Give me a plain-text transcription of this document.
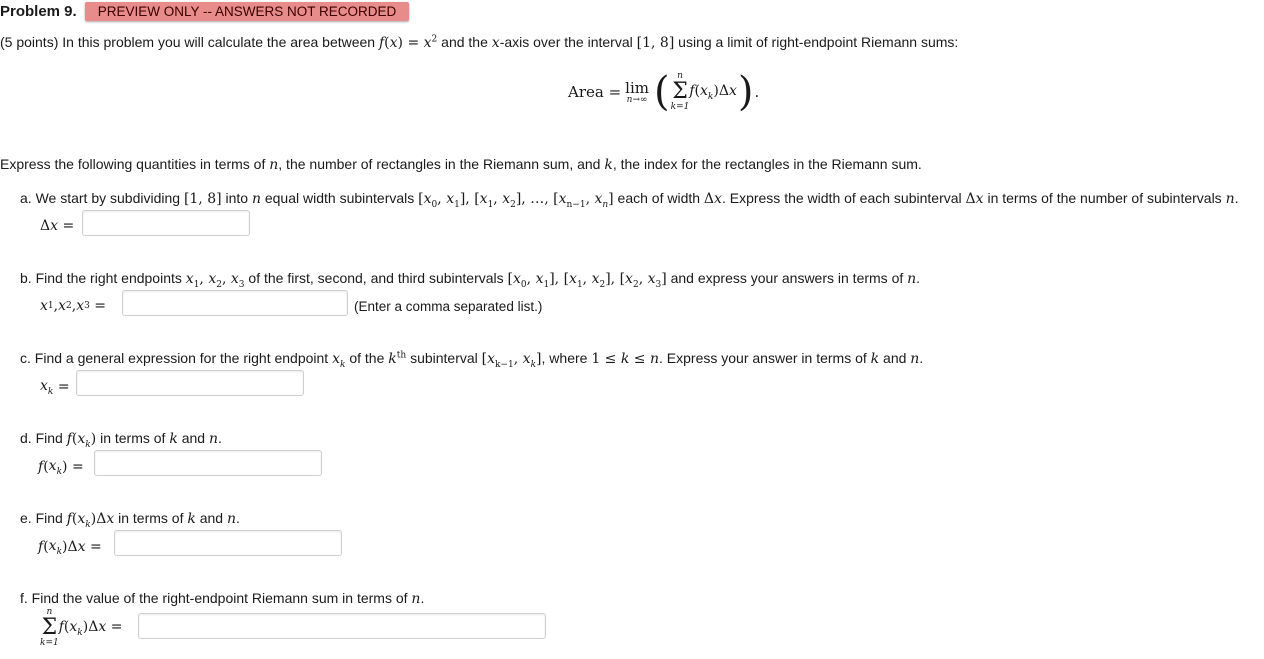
Problem 9.	PREVIEW ONLY -- ANSWERS NOT RECORDED
(5 points) In this problem you will calculate the area between $f(x) = x^2$ and the x-axis over the interval [1, 8] using a limit of right-endpoint Riemann sums:
Area = lim
n→∞ ( n
Σ
k=1
$f(x_k)\Delta x$ ) .
Express the following quantities in terms of n, the number of rectangles in the Riemann sum, and k, the index for the rectangles in the Riemann sum.
a. We start by subdividing [1, 8] into n equal width subintervals [$x_0$, $x_1$], [$x_1$, $x_2$], …, [$x_{n-1}$, $x_n$] each of width Δx. Express the width of each subinterval Δx in terms of the number of subintervals n.
Δ x =
b. Find the right endpoints $x_1$, $x_2$, $x_3$ of the first, second, and third subintervals [$x_0$, $x_1$], [$x_1$, $x_2$], [$x_2$, $x_3$] and express your answers in terms of n.
x 1 , x 2 , x 3 =	(Enter a comma separated list.)
c. Find a general expression for the right endpoint $x_k$ of the $k^{th}$ subinterval [$x_{k-1}$, $x_k$], where 1 ≤ k ≤ n. Express your answer in terms of k and n.
$x_k$ =
d. Find $f(x_k)$ in terms of k and n.
f ( $x_k$ ) =
e. Find $f(x_k)\Delta x$ in terms of k and n.
f ( $x_k$ )Δ x =
f. Find the value of the right-endpoint Riemann sum in terms of n.
n
Σ
k=1
$f(x_k)\Delta x$ =
